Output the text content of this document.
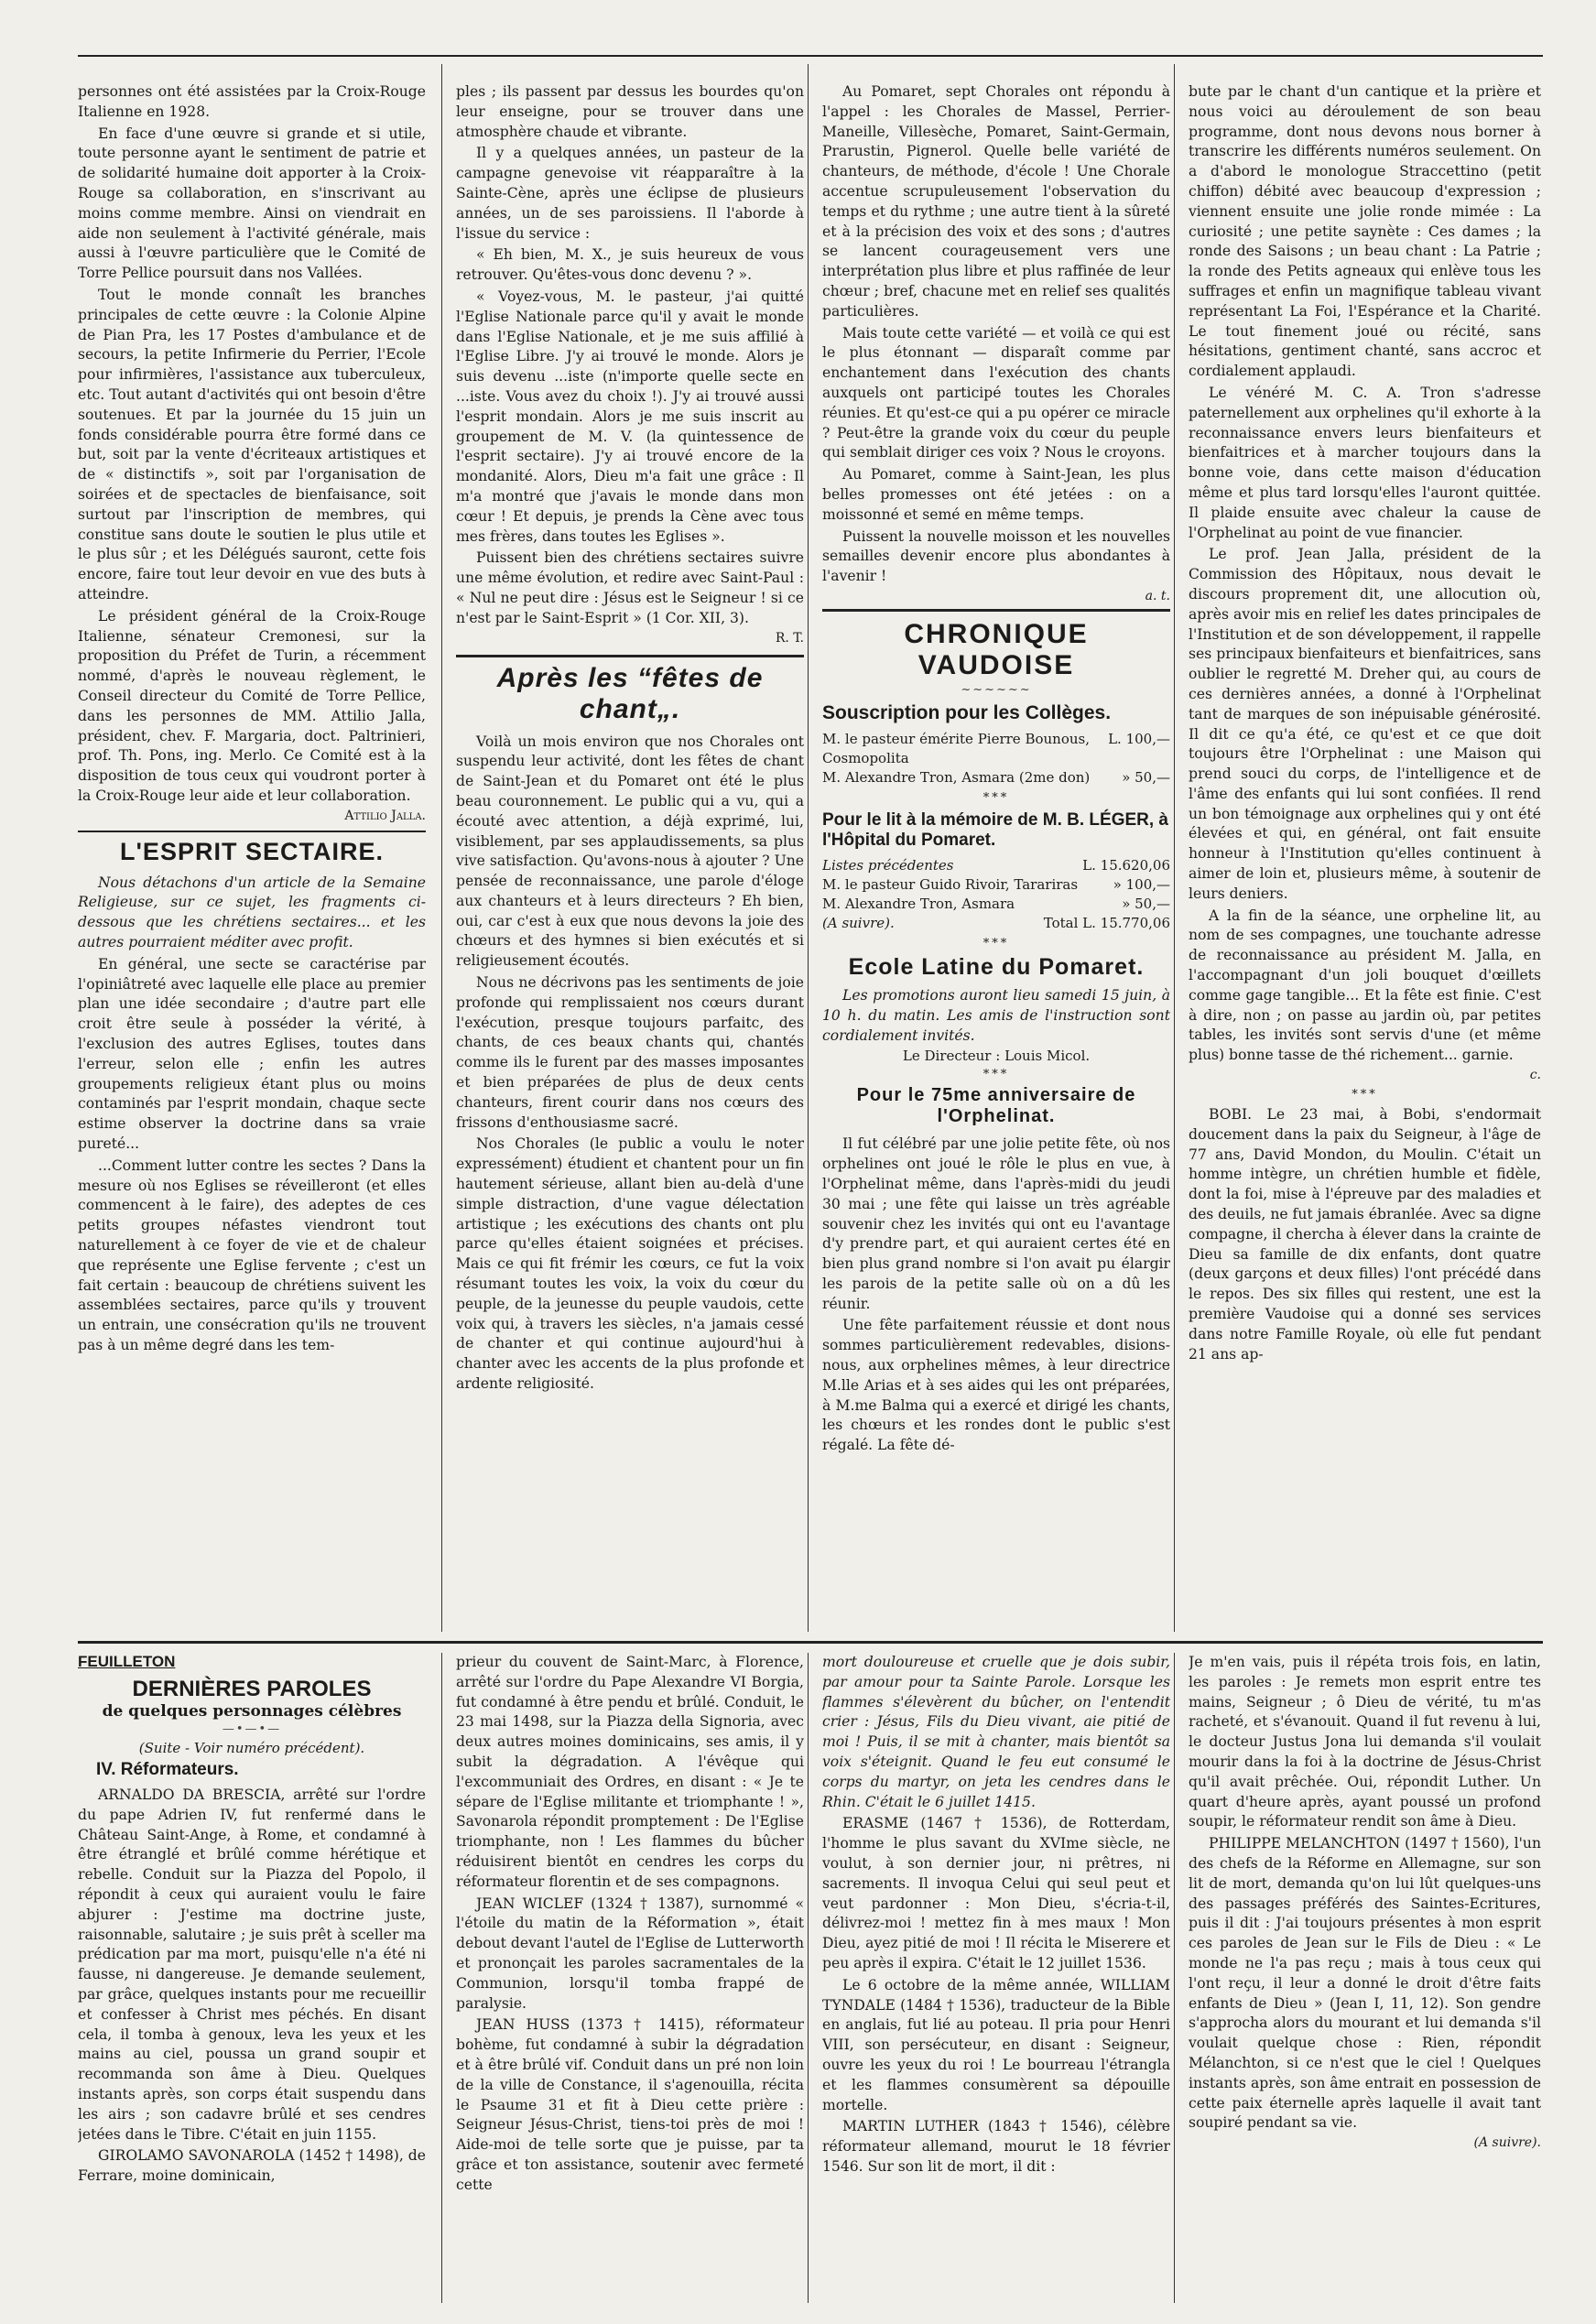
personnes ont été assistées par la Croix-Rouge Italienne en 1928.

En face d'une œuvre si grande et si utile, toute personne ayant le sentiment de patrie et de solidarité humaine doit apporter à la Croix-Rouge sa collaboration, en s'inscrivant au moins comme membre. Ainsi on viendrait en aide non seulement à l'activité générale, mais aussi à l'œuvre particulière que le Comité de Torre Pellice poursuit dans nos Vallées.

Tout le monde connaît les branches principales de cette œuvre : la Colonie Alpine de Pian Pra, les 17 Postes d'ambulance et de secours, la petite Infirmerie du Perrier, l'Ecole pour infirmières, l'assistance aux tuberculeux, etc. Tout autant d'activités qui ont besoin d'être soutenues. Et par la journée du 15 juin un fonds considérable pourra être formé dans ce but, soit par la vente d'écriteaux artistiques et de « distinctifs », soit par l'organisation de soirées et de spectacles de bienfaisance, soit surtout par l'inscription de membres, qui constitue sans doute le soutien le plus utile et le plus sûr ; et les Délégués sauront, cette fois encore, faire tout leur devoir en vue des buts à atteindre.

Le président général de la Croix-Rouge Italienne, sénateur Cremonesi, sur la proposition du Préfet de Turin, a récemment nommé, d'après le nouveau règlement, le Conseil directeur du Comité de Torre Pellice, dans les personnes de MM. Attilio Jalla, président, chev. F. Margaria, doct. Paltrinieri, prof. Th. Pons, ing. Merlo. Ce Comité est à la disposition de tous ceux qui voudront porter à la Croix-Rouge leur aide et leur collaboration.

Attilio Jalla.
L'ESPRIT SECTAIRE.

Nous détachons d'un article de la Semaine Religieuse, sur ce sujet, les fragments ci-dessous que les chrétiens sectaires... et les autres pourraient méditer avec profit.

En général, une secte se caractérise par l'opiniâtreté avec laquelle elle place au premier plan une idée secondaire ; d'autre part elle croit être seule à posséder la vérité, à l'exclusion des autres Eglises, toutes dans l'erreur, selon elle ; enfin les autres groupements religieux étant plus ou moins contaminés par l'esprit mondain, chaque secte estime observer la doctrine dans sa vraie pureté...

...Comment lutter contre les sectes ? Dans la mesure où nos Eglises se réveilleront (et elles commencent à le faire), des adeptes de ces petits groupes néfastes viendront tout naturellement à ce foyer de vie et de chaleur que représente une Eglise fervente ; c'est un fait certain : beaucoup de chrétiens suivent les assemblées sectaires, parce qu'ils y trouvent un entrain, une consécration qu'ils ne trouvent pas à un même degré dans les tem-

ples ; ils passent par dessus les bourdes qu'on leur enseigne, pour se trouver dans une atmosphère chaude et vibrante.

Il y a quelques années, un pasteur de la campagne genevoise vit réapparaître à la Sainte-Cène, après une éclipse de plusieurs années, un de ses paroissiens. Il l'aborde à l'issue du service :

« Eh bien, M. X., je suis heureux de vous retrouver. Qu'êtes-vous donc devenu ? ».

« Voyez-vous, M. le pasteur, j'ai quitté l'Eglise Nationale parce qu'il y avait le monde dans l'Eglise Nationale, et je me suis affilié à l'Eglise Libre. J'y ai trouvé le monde. Alors je suis devenu ...iste (n'importe quelle secte en ...iste. Vous avez du choix !). J'y ai trouvé aussi l'esprit mondain. Alors je me suis inscrit au groupement de M. V. (la quintessence de l'esprit sectaire). J'y ai trouvé encore de la mondanité. Alors, Dieu m'a fait une grâce : Il m'a montré que j'avais le monde dans mon cœur ! Et depuis, je prends la Cène avec tous mes frères, dans toutes les Eglises ».

Puissent bien des chrétiens sectaires suivre une même évolution, et redire avec Saint-Paul : « Nul ne peut dire : Jésus est le Seigneur ! si ce n'est par le Saint-Esprit » (1 Cor. XII, 3).

R. T.
Après les “fêtes de chant„.

Voilà un mois environ que nos Chorales ont suspendu leur activité, dont les fêtes de chant de Saint-Jean et du Pomaret ont été le plus beau couronnement. Le public qui a vu, qui a écouté avec attention, a déjà exprimé, lui, visiblement, par ses applaudissements, sa plus vive satisfaction. Qu'avons-nous à ajouter ? Une pensée de reconnaissance, une parole d'éloge aux chanteurs et à leurs directeurs ? Eh bien, oui, car c'est à eux que nous devons la joie des chœurs et des hymnes si bien exécutés et si religieusement écoutés.

Nous ne décrivons pas les sentiments de joie profonde qui remplissaient nos cœurs durant l'exécution, presque toujours parfaitc, des chants, de ces beaux chants qui, chantés comme ils le furent par des masses imposantes et bien préparées de plus de deux cents chanteurs, firent courir dans nos cœurs des frissons d'enthousiasme sacré.

Nos Chorales (le public a voulu le noter expressément) étudient et chantent pour un fin hautement sérieuse, allant bien au-delà d'une simple distraction, d'une vague délectation artistique ; les exécutions des chants ont plu parce qu'elles étaient soignées et précises. Mais ce qui fit frémir les cœurs, ce fut la voix résumant toutes les voix, la voix du cœur du peuple, de la jeunesse du peuple vaudois, cette voix qui, à travers les siècles, n'a jamais cessé de chanter et qui continue aujourd'hui à chanter avec les accents de la plus profonde et ardente religiosité.

Au Pomaret, sept Chorales ont répondu à l'appel : les Chorales de Massel, Perrier-Maneille, Villesèche, Pomaret, Saint-Germain, Prarustin, Pignerol. Quelle belle variété de chanteurs, de méthode, d'école ! Une Chorale accentue scrupuleusement l'observation du temps et du rythme ; une autre tient à la sûreté et à la précision des voix et des sons ; d'autres se lancent courageusement vers une interprétation plus libre et plus raffinée de leur chœur ; bref, chacune met en relief ses qualités particulières.

Mais toute cette variété — et voilà ce qui est le plus étonnant — disparaît comme par enchantement dans l'exécution des chants auxquels ont participé toutes les Chorales réunies. Et qu'est-ce qui a pu opérer ce miracle ? Peut-être la grande voix du cœur du peuple qui semblait diriger ces voix ? Nous le croyons.

Au Pomaret, comme à Saint-Jean, les plus belles promesses ont été jetées : on a moissonné et semé en même temps.

Puissent la nouvelle moisson et les nouvelles semailles devenir encore plus abondantes à l'avenir !

a. t.
CHRONIQUE VAUDOISE
~~~~~~
Souscription pour les Collèges.
M. le pasteur émérite Pierre Bounous, Cosmopolita
L. 100,—
M. Alexandre Tron, Asmara (2me don) » 50,—
***
Pour le lit à la mémoire de M. B. LÉGER, à l'Hôpital du Pomaret.
Listes précédentes	L. 15.620,06
M. le pasteur Guido Rivoir, Tarariras	» 100,—
M. Alexandre Tron, Asmara	» 50,—
(A suivre).	Total L. 15.770,06
***
Ecole Latine du Pomaret.

Les promotions auront lieu samedi 15 juin, à 10 h. du matin. Les amis de l'instruction sont cordialement invités.

Le Directeur : Louis Micol.
***
Pour le 75me anniversaire de l'Orphelinat.

Il fut célébré par une jolie petite fête, où nos orphelines ont joué le rôle le plus en vue, à l'Orphelinat même, dans l'après-midi du jeudi 30 mai ; une fête qui laisse un très agréable souvenir chez les invités qui ont eu l'avantage d'y prendre part, et qui auraient certes été en bien plus grand nombre si l'on avait pu élargir les parois de la petite salle où on a dû les réunir.

Une fête parfaitement réussie et dont nous sommes particulièrement redevables, disions-nous, aux orphelines mêmes, à leur directrice M.lle Arias et à ses aides qui les ont préparées, à M.me Balma qui a exercé et dirigé les chants, les chœurs et les rondes dont le public s'est régalé. La fête dé-

bute par le chant d'un cantique et la prière et nous voici au déroulement de son beau programme, dont nous devons nous borner à transcrire les différents numéros seulement. On a d'abord le monologue Straccettino (petit chiffon) débité avec beaucoup d'expression ; viennent ensuite une jolie ronde mimée : La curiosité ; une petite saynète : Ces dames ; la ronde des Saisons ; un beau chant : La Patrie ; la ronde des Petits agneaux qui enlève tous les suffrages et enfin un magnifique tableau vivant représentant La Foi, l'Espérance et la Charité. Le tout finement joué ou récité, sans hésitations, gentiment chanté, sans accroc et cordialement applaudi.

Le vénéré M. C. A. Tron s'adresse paternellement aux orphelines qu'il exhorte à la reconnaissance envers leurs bienfaiteurs et bienfaitrices et à marcher toujours dans la bonne voie, dans cette maison d'éducation même et plus tard lorsqu'elles l'auront quittée. Il plaide ensuite avec chaleur la cause de l'Orphelinat au point de vue financier.

Le prof. Jean Jalla, président de la Commission des Hôpitaux, nous devait le discours proprement dit, une allocution où, après avoir mis en relief les dates principales de l'Institution et de son développement, il rappelle ses principaux bienfaiteurs et bienfaitrices, sans oublier le regretté M. Dreher qui, au cours de ces dernières années, a donné à l'Orphelinat tant de marques de son inépuisable générosité. Il dit ce qu'a été, ce qu'est et ce que doit toujours être l'Orphelinat : une Maison qui prend souci du corps, de l'intelligence et de l'âme des enfants qui lui sont confiées. Il rend un bon témoignage aux orphelines qui y ont été élevées et qui, en général, ont fait ensuite honneur à l'Institution qu'elles continuent à aimer de loin et, plusieurs même, à soutenir de leurs deniers.

A la fin de la séance, une orpheline lit, au nom de ses compagnes, une touchante adresse de reconnaissance au président M. Jalla, en l'accompagnant d'un joli bouquet d'œillets comme gage tangible... Et la fête est finie. C'est à dire, non ; on passe au jardin où, par petites tables, les invités sont servis d'une (et même plus) bonne tasse de thé richement... garnie.

c.
***

BOBI. Le 23 mai, à Bobi, s'endormait doucement dans la paix du Seigneur, à l'âge de 77 ans, David Mondon, du Moulin. C'était un homme intègre, un chrétien humble et fidèle, dont la foi, mise à l'épreuve par des maladies et des deuils, ne fut jamais ébranlée. Avec sa digne compagne, il chercha à élever dans la crainte de Dieu sa famille de dix enfants, dont quatre (deux garçons et deux filles) l'ont précédé dans le repos. Des six filles qui restent, une est la première Vaudoise qui a donné ses services dans notre Famille Royale, où elle fut pendant 21 ans ap-

FEUILLETON
DERNIÈRES PAROLES
de quelques personnages célèbres
—•—•—
(Suite - Voir numéro précédent).
IV. Réformateurs.

ARNALDO DA BRESCIA, arrêté sur l'ordre du pape Adrien IV, fut renfermé dans le Château Saint-Ange, à Rome, et condamné à être étranglé et brûlé comme hérétique et rebelle. Conduit sur la Piazza del Popolo, il répondit à ceux qui auraient voulu le faire abjurer : J'estime ma doctrine juste, raisonnable, salutaire ; je suis prêt à sceller ma prédication par ma mort, puisqu'elle n'a été ni fausse, ni dangereuse. Je demande seulement, par grâce, quelques instants pour me recueillir et confesser à Christ mes péchés. En disant cela, il tomba à genoux, leva les yeux et les mains au ciel, poussa un grand soupir et recommanda son âme à Dieu. Quelques instants après, son corps était suspendu dans les airs ; son cadavre brûlé et ses cendres jetées dans le Tibre. C'était en juin 1155.

GIROLAMO SAVONAROLA (1452 † 1498), de Ferrare, moine dominicain,

prieur du couvent de Saint-Marc, à Florence, arrêté sur l'ordre du Pape Alexandre VI Borgia, fut condamné à être pendu et brûlé. Conduit, le 23 mai 1498, sur la Piazza della Signoria, avec deux autres moines dominicains, ses amis, il y subit la dégradation. A l'évêque qui l'excommuniait des Ordres, en disant : « Je te sépare de l'Eglise militante et triomphante ! », Savonarola répondit promptement : De l'Eglise triomphante, non ! Les flammes du bûcher réduisirent bientôt en cendres les corps du réformateur florentin et de ses compagnons.

JEAN WICLEF (1324 † 1387), surnommé « l'étoile du matin de la Réformation », était debout devant l'autel de l'Eglise de Lutterworth et prononçait les paroles sacramentales de la Communion, lorsqu'il tomba frappé de paralysie.

JEAN HUSS (1373 † 1415), réformateur bohème, fut condamné à subir la dégradation et à être brûlé vif. Conduit dans un pré non loin de la ville de Constance, il s'agenouilla, récita le Psaume 31 et fit à Dieu cette prière : Seigneur Jésus-Christ, tiens-toi près de moi ! Aide-moi de telle sorte que je puisse, par ta grâce et ton assistance, soutenir avec fermeté cette

mort douloureuse et cruelle que je dois subir, par amour pour ta Sainte Parole. Lorsque les flammes s'élevèrent du bûcher, on l'entendit crier : Jésus, Fils du Dieu vivant, aie pitié de moi ! Puis, il se mit à chanter, mais bientôt sa voix s'éteignit. Quand le feu eut consumé le corps du martyr, on jeta les cendres dans le Rhin. C'était le 6 juillet 1415.

ERASME (1467 † 1536), de Rotterdam, l'homme le plus savant du XVIme siècle, ne voulut, à son dernier jour, ni prêtres, ni sacrements. Il invoqua Celui qui seul peut et veut pardonner : Mon Dieu, s'écria-t-il, délivrez-moi ! mettez fin à mes maux ! Mon Dieu, ayez pitié de moi ! Il récita le Miserere et peu après il expira. C'était le 12 juillet 1536.

Le 6 octobre de la même année, WILLIAM TYNDALE (1484 † 1536), traducteur de la Bible en anglais, fut lié au poteau. Il pria pour Henri VIII, son persécuteur, en disant : Seigneur, ouvre les yeux du roi ! Le bourreau l'étrangla et les flammes consumèrent sa dépouille mortelle.

MARTIN LUTHER (1843 † 1546), célèbre réformateur allemand, mourut le 18 février 1546. Sur son lit de mort, il dit :

Je m'en vais, puis il répéta trois fois, en latin, les paroles : Je remets mon esprit entre tes mains, Seigneur ; ô Dieu de vérité, tu m'as racheté, et s'évanouit. Quand il fut revenu à lui, le docteur Justus Jona lui demanda s'il voulait mourir dans la foi à la doctrine de Jésus-Christ qu'il avait prêchée. Oui, répondit Luther. Un quart d'heure après, ayant poussé un profond soupir, le réformateur rendit son âme à Dieu.

PHILIPPE MELANCHTON (1497 † 1560), l'un des chefs de la Réforme en Allemagne, sur son lit de mort, demanda qu'on lui lût quelques-uns des passages préférés des Saintes-Ecritures, puis il dit : J'ai toujours présentes à mon esprit ces paroles de Jean sur le Fils de Dieu : « Le monde ne l'a pas reçu ; mais à tous ceux qui l'ont reçu, il leur a donné le droit d'être faits enfants de Dieu » (Jean I, 11, 12). Son gendre s'approcha alors du mourant et lui demanda s'il voulait quelque chose : Rien, répondit Mélanchton, si ce n'est que le ciel ! Quelques instants après, son âme entrait en possession de cette paix éternelle après laquelle il avait tant soupiré pendant sa vie.

(A suivre).
